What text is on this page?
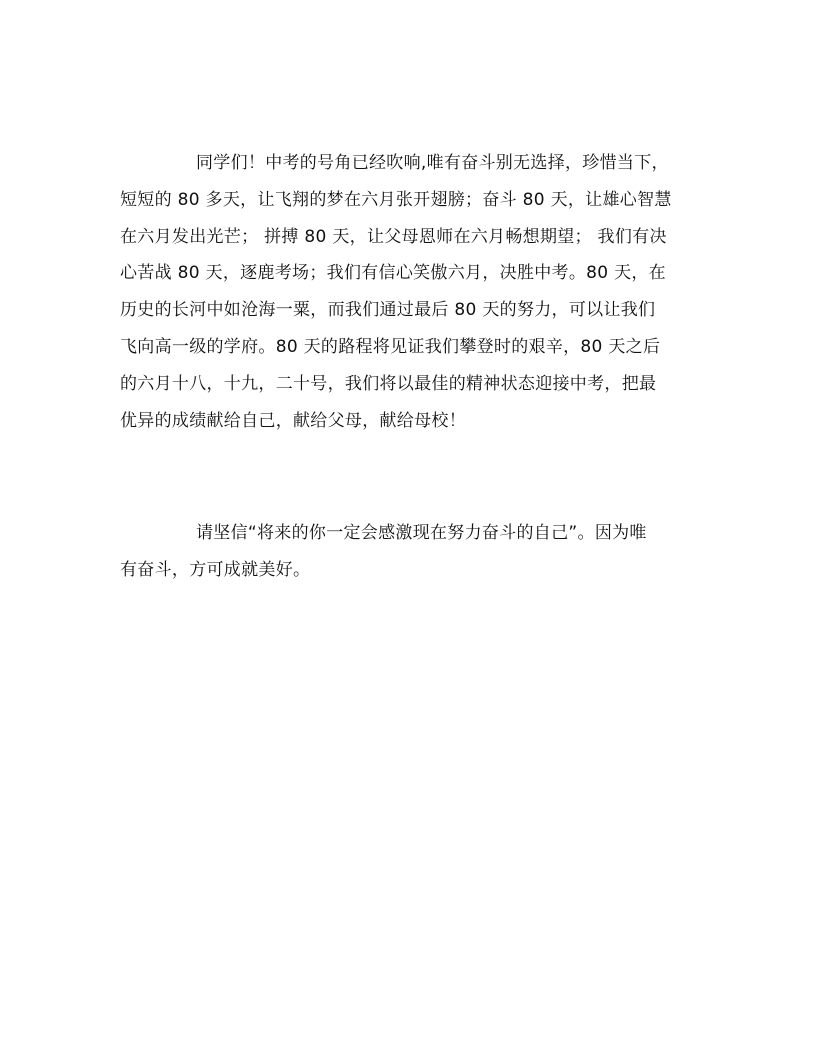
同学们！中考的号角已经吹响,唯有奋斗别无选择，珍惜当下，
短短的 80 多天，让飞翔的梦在六月张开翅膀；奋斗 80 天，让雄心智慧
在六月发出光芒； 拼搏 80 天，让父母恩师在六月畅想期望； 我们有决
心苦战 80 天，逐鹿考场；我们有信心笑傲六月，决胜中考。80 天，在
历史的长河中如沧海一粟，而我们通过最后 80 天的努力，可以让我们
飞向高一级的学府。80 天的路程将见证我们攀登时的艰辛，80 天之后
的六月十八，十九，二十号，我们将以最佳的精神状态迎接中考，把最
优异的成绩献给自己，献给父母，献给母校！
请坚信“将来的你一定会感激现在努力奋斗的自己”。因为唯
有奋斗，方可成就美好。
